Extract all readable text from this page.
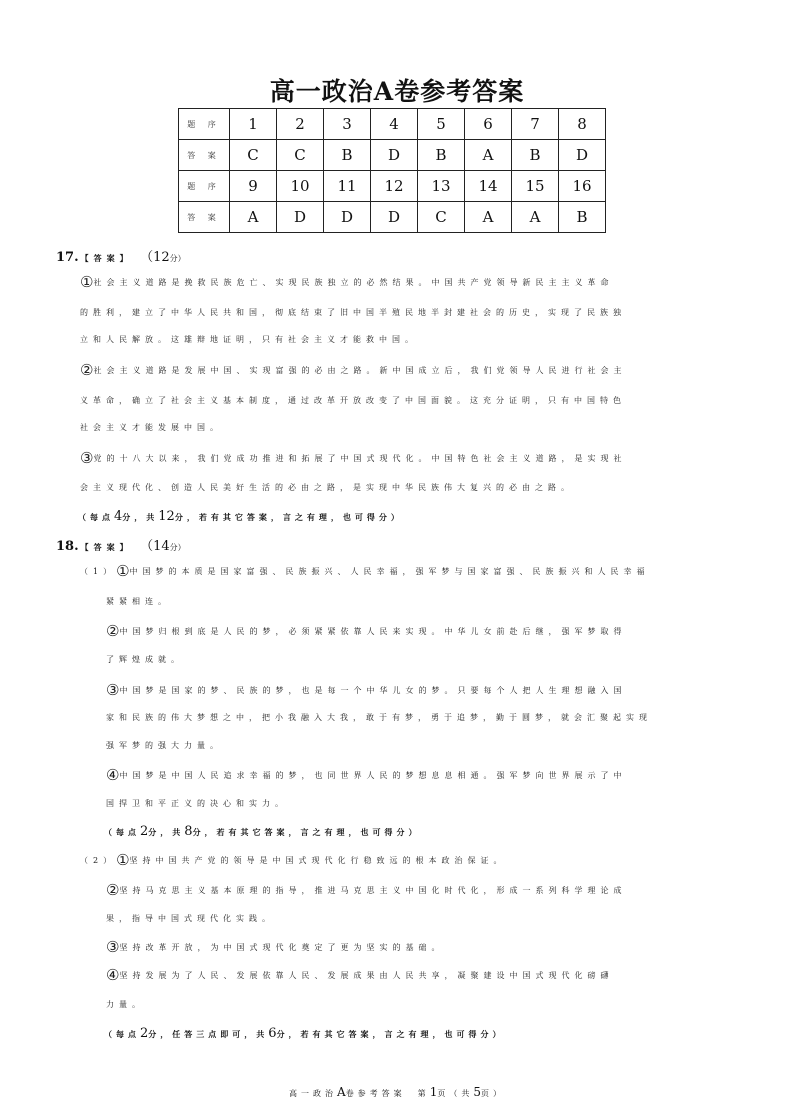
高一政治A卷参考答案
题 序	1	2	3	4	5	6	7	8
答 案	C	C	B	D	B	A	B	D
题 序	9	10	11	12	13	14	15	16
答 案	A	D	D	D	C	A	A	B
17. 【答案】 （12分）
①社会主义道路是挽救民族危亡、实现民族独立的必然结果。中国共产党领导新民主主义革命
的胜利，建立了中华人民共和国，彻底结束了旧中国半殖民地半封建社会的历史，实现了民族独
立和人民解放。这雄辩地证明，只有社会主义才能救中国。
②社会主义道路是发展中国、实现富强的必由之路。新中国成立后，我们党领导人民进行社会主
义革命，确立了社会主义基本制度，通过改革开放改变了中国面貌。这充分证明，只有中国特色
社会主义才能发展中国。
③党的十八大以来，我们党成功推进和拓展了中国式现代化。中国特色社会主义道路，是实现社
会主义现代化、创造人民美好生活的必由之路，是实现中华民族伟大复兴的必由之路。
（每点4分，共12分，若有其它答案，言之有理，也可得分）
18. 【答案】 （14分）
（1）①中国梦的本质是国家富强、民族振兴、人民幸福，强军梦与国家富强、民族振兴和人民幸福
紧紧相连。
②中国梦归根到底是人民的梦，必须紧紧依靠人民来实现。中华儿女前赴后继，强军梦取得
了辉煌成就。
③中国梦是国家的梦、民族的梦，也是每一个中华儿女的梦。只要每个人把人生理想融入国
家和民族的伟大梦想之中，把小我融入大我，敢于有梦，勇于追梦，勤于圆梦，就会汇聚起实现
强军梦的强大力量。
④中国梦是中国人民追求幸福的梦，也同世界人民的梦想息息相通。强军梦向世界展示了中
国捍卫和平正义的决心和实力。
（每点2分，共8分，若有其它答案，言之有理，也可得分）
（2）①坚持中国共产党的领导是中国式现代化行稳致远的根本政治保证。
②坚持马克思主义基本原理的指导，推进马克思主义中国化时代化，形成一系列科学理论成
果，指导中国式现代化实践。
③坚持改革开放，为中国式现代化奠定了更为坚实的基础。
④坚持发展为了人民、发展依靠人民、发展成果由人民共享，凝聚建设中国式现代化磅礴
力量。
（每点2分，任答三点即可，共6分，若有其它答案，言之有理，也可得分）
高一政治A卷参考答案　第1页（共5页）
